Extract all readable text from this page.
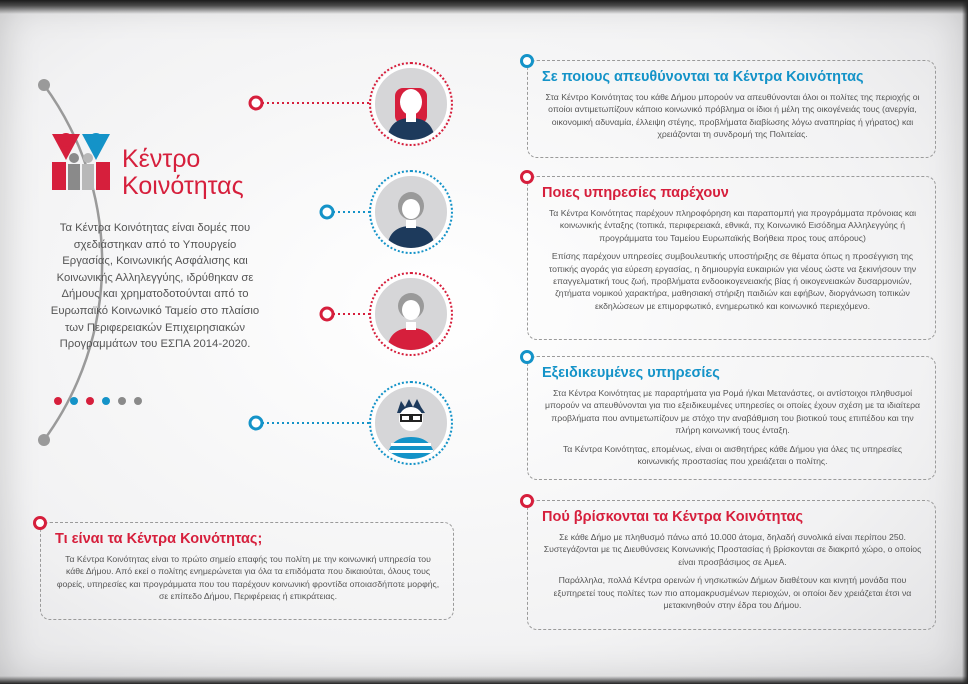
Κέντρο
Κοινότητας
Τα Κέντρα Κοινότητας είναι δομές που σχεδιάστηκαν από το Υπουργείο Εργασίας, Κοινωνικής Ασφάλισης και Κοινωνικής Αλληλεγγύης, ιδρύθηκαν σε Δήμους και χρηματοδοτούνται από το Ευρωπαϊκό Κοινωνικό Ταμείο στο πλαίσιο των Περιφερειακών Επιχειρησιακών Προγραμμάτων του ΕΣΠΑ 2014-2020.
Σε ποιους απευθύνονται τα Κέντρα Κοινότητας

Στα Κέντρο Κοινότητας του κάθε Δήμου μπορούν να απευθύνονται όλοι οι πολίτες της περιοχής οι οποίοι αντιμετωπίζουν κάποιο κοινωνικό πρόβλημα οι ίδιοι ή μέλη της οικογένειάς τους (ανεργία, οικονομική αδυναμία, έλλειψη στέγης, προβλήματα διαβίωσης λόγω αναπηρίας ή γήρατος) και χρειάζονται τη συνδρομή της Πολιτείας.

Ποιες υπηρεσίες παρέχουν

Τα Κέντρα Κοινότητας παρέχουν πληροφόρηση και παραπομπή για προγράμματα πρόνοιας και κοινωνικής ένταξης (τοπικά, περιφερειακά, εθνικά, πχ Κοινωνικό Εισόδημα Αλληλεγγύης ή προγράμματα του Ταμείου Ευρωπαϊκής Βοήθεια προς τους απόρους)

Επίσης παρέχουν υπηρεσίες συμβουλευτικής υποστήριξης σε θέματα όπως η προσέγγιση της τοπικής αγοράς για εύρεση εργασίας, η δημιουργία ευκαιριών για νέους ώστε να ξεκινήσουν την επαγγελματική τους ζωή, προβλήματα ενδοοικογενειακής βίας ή οικογενειακών δυσαρμονιών, ζητήματα νομικού χαρακτήρα, μαθησιακή στήριξη παιδιών και εφήβων, διοργάνωση τοπικών εκδηλώσεων με επιμορφωτικό, ενημερωτικό και κοινωνικό περιεχόμενο.

Εξειδικευμένες υπηρεσίες

Στα Κέντρα Κοινότητας με παραρτήματα για Ρομά ή/και Μετανάστες, οι αντίστοιχοι πληθυσμοί μπορούν να απευθύνονται για πιο εξειδικευμένες υπηρεσίες οι οποίες έχουν σχέση με τα ιδιαίτερα προβλήματα που αντιμετωπίζουν με στόχο την αναβάθμιση του βιοτικού τους επιπέδου και την πλήρη κοινωνική τους ένταξη.

Τα Κέντρα Κοινότητας, επομένως, είναι οι αισθητήρες κάθε Δήμου για όλες τις υπηρεσίες κοινωνικής προστασίας που χρειάζεται ο πολίτης.

Πού βρίσκονται τα Κέντρα Κοινότητας

Σε κάθε Δήμο με πληθυσμό πάνω από 10.000 άτομα, δηλαδή συνολικά είναι περίπου 250. Συστεγάζονται με τις Διευθύνσεις Κοινωνικής Προστασίας ή βρίσκονται σε διακριτό χώρο, ο οποίος είναι προσβάσιμος σε ΑμεΑ.

Παράλληλα, πολλά Κέντρα ορεινών ή νησιωτικών Δήμων διαθέτουν και κινητή μονάδα που εξυπηρετεί τους πολίτες των πιο απομακρυσμένων περιοχών, οι οποίοι δεν χρειάζεται έτσι να μετακινηθούν στην έδρα του Δήμου.

Τι είναι τα Κέντρα Κοινότητας;

Τα Κέντρα Κοινότητας είναι το πρώτο σημείο επαφής του πολίτη με την κοινωνική υπηρεσία του κάθε Δήμου. Από εκεί ο πολίτης ενημερώνεται για όλα τα επιδόματα που δικαιούται, όλους τους φορείς, υπηρεσίες και προγράμματα που του παρέχουν κοινωνική φροντίδα οποιασδήποτε μορφής, σε επίπεδο Δήμου, Περιφέρειας ή επικράτειας.
